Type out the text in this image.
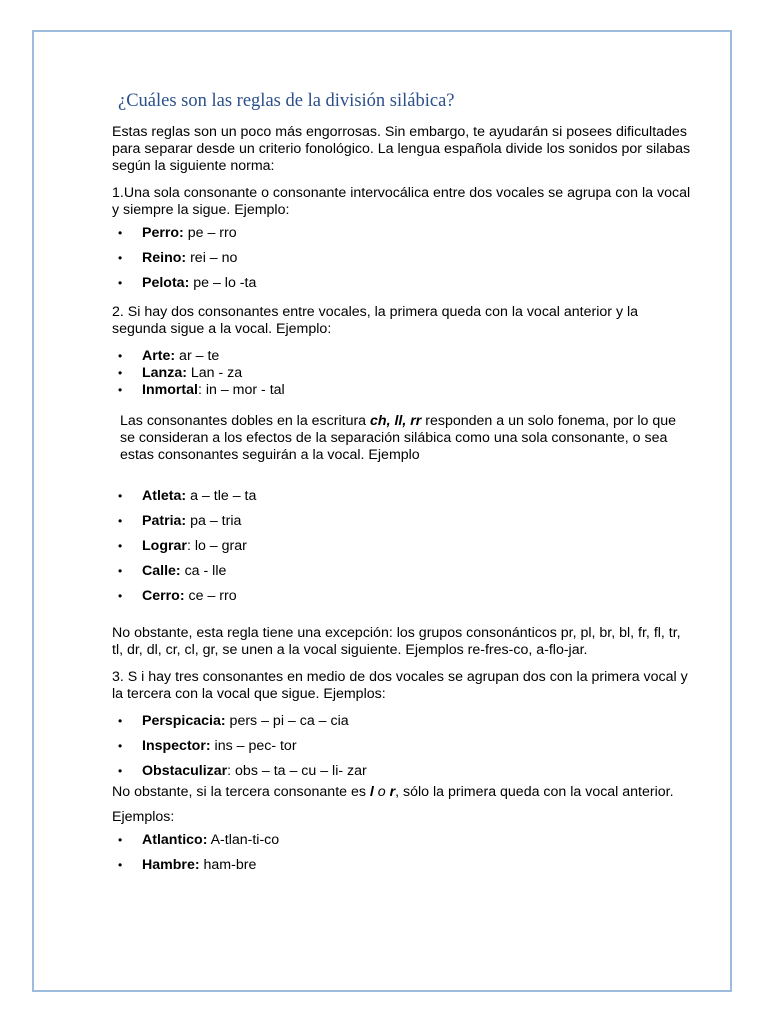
¿Cuáles son las reglas de la división silábica?

Estas reglas son un poco más engorrosas. Sin embargo, te ayudarán si posees dificultades para separar desde un criterio fonológico. La lengua española divide los sonidos por silabas según la siguiente norma:

1.Una sola consonante o consonante intervocálica entre dos vocales se agrupa con la vocal y siempre la sigue. Ejemplo:

• Perro: pe – rro
• Reino: rei – no
• Pelota: pe – lo -ta

2. Si hay dos consonantes entre vocales, la primera queda con la vocal anterior y la segunda sigue a la vocal. Ejemplo:

• Arte: ar – te
• Lanza: Lan - za
• Inmortal: in – mor - tal

Las consonantes dobles en la escritura ch, ll, rr responden a un solo fonema, por lo que se consideran a los efectos de la separación silábica como una sola consonante, o sea estas consonantes seguirán a la vocal. Ejemplo

• Atleta: a – tle – ta
• Patria: pa – tria
• Lograr: lo – grar
• Calle: ca - lle
• Cerro: ce – rro

No obstante, esta regla tiene una excepción: los grupos consonánticos pr, pl, br, bl, fr, fl, tr, tl, dr, dl, cr, cl, gr, se unen a la vocal siguiente. Ejemplos re-fres-co, a-flo-jar.

3. S i hay tres consonantes en medio de dos vocales se agrupan dos con la primera vocal y la tercera con la vocal que sigue. Ejemplos:

• Perspicacia: pers – pi – ca – cia
• Inspector: ins – pec- tor
• Obstaculizar: obs – ta – cu – li- zar

No obstante, si la tercera consonante es l o r, sólo la primera queda con la vocal anterior. Ejemplos:

• Atlantico: A-tlan-ti-co
• Hambre: ham-bre
